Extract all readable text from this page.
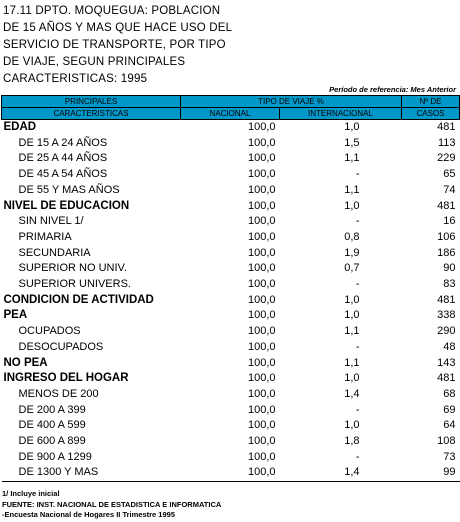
17.11 DPTO. MOQUEGUA: POBLACION
DE 15 AÑOS Y MAS QUE HACE USO DEL
SERVICIO DE TRANSPORTE, POR TIPO
DE VIAJE, SEGUN PRINCIPALES
CARACTERISTICAS: 1995
Período de referencia: Mes Anterior
PRINCIPALES	TIPO DE VIAJE %		Nº DE
CARACTERISTICAS	NACIONAL	INTERNACIONAL	CASOS
EDAD	100,0	1,0	481
DE 15 A 24 AÑOS	100,0	1,5	113
DE 25 A 44 AÑOS	100,0	1,1	229
DE 45 A 54 AÑOS	100,0	-	65
DE 55 Y MAS AÑOS	100,0	1,1	74
NIVEL DE EDUCACION	100,0	1,0	481
SIN NIVEL 1/	100,0	-	16
PRIMARIA	100,0	0,8	106
SECUNDARIA	100,0	1,9	186
SUPERIOR NO UNIV.	100,0	0,7	90
SUPERIOR UNIVERS.	100,0	-	83
CONDICION DE ACTIVIDAD	100,0	1,0	481
PEA	100,0	1,0	338
OCUPADOS	100,0	1,1	290
DESOCUPADOS	100,0	-	48
NO PEA	100,0	1,1	143
INGRESO DEL HOGAR	100,0	1,0	481
MENOS DE 200	100,0	1,4	68
DE 200 A 399	100,0	-	69
DE 400 A 599	100,0	1,0	64
DE 600 A 899	100,0	1,8	108
DE 900 A 1299	100,0	-	73
DE 1300 Y MAS	100,0	1,4	99
1/ Incluye inicial
FUENTE: INST. NACIONAL DE ESTADISTICA E INFORMATICA
-Encuesta Nacional de Hogares II Trimestre 1995
